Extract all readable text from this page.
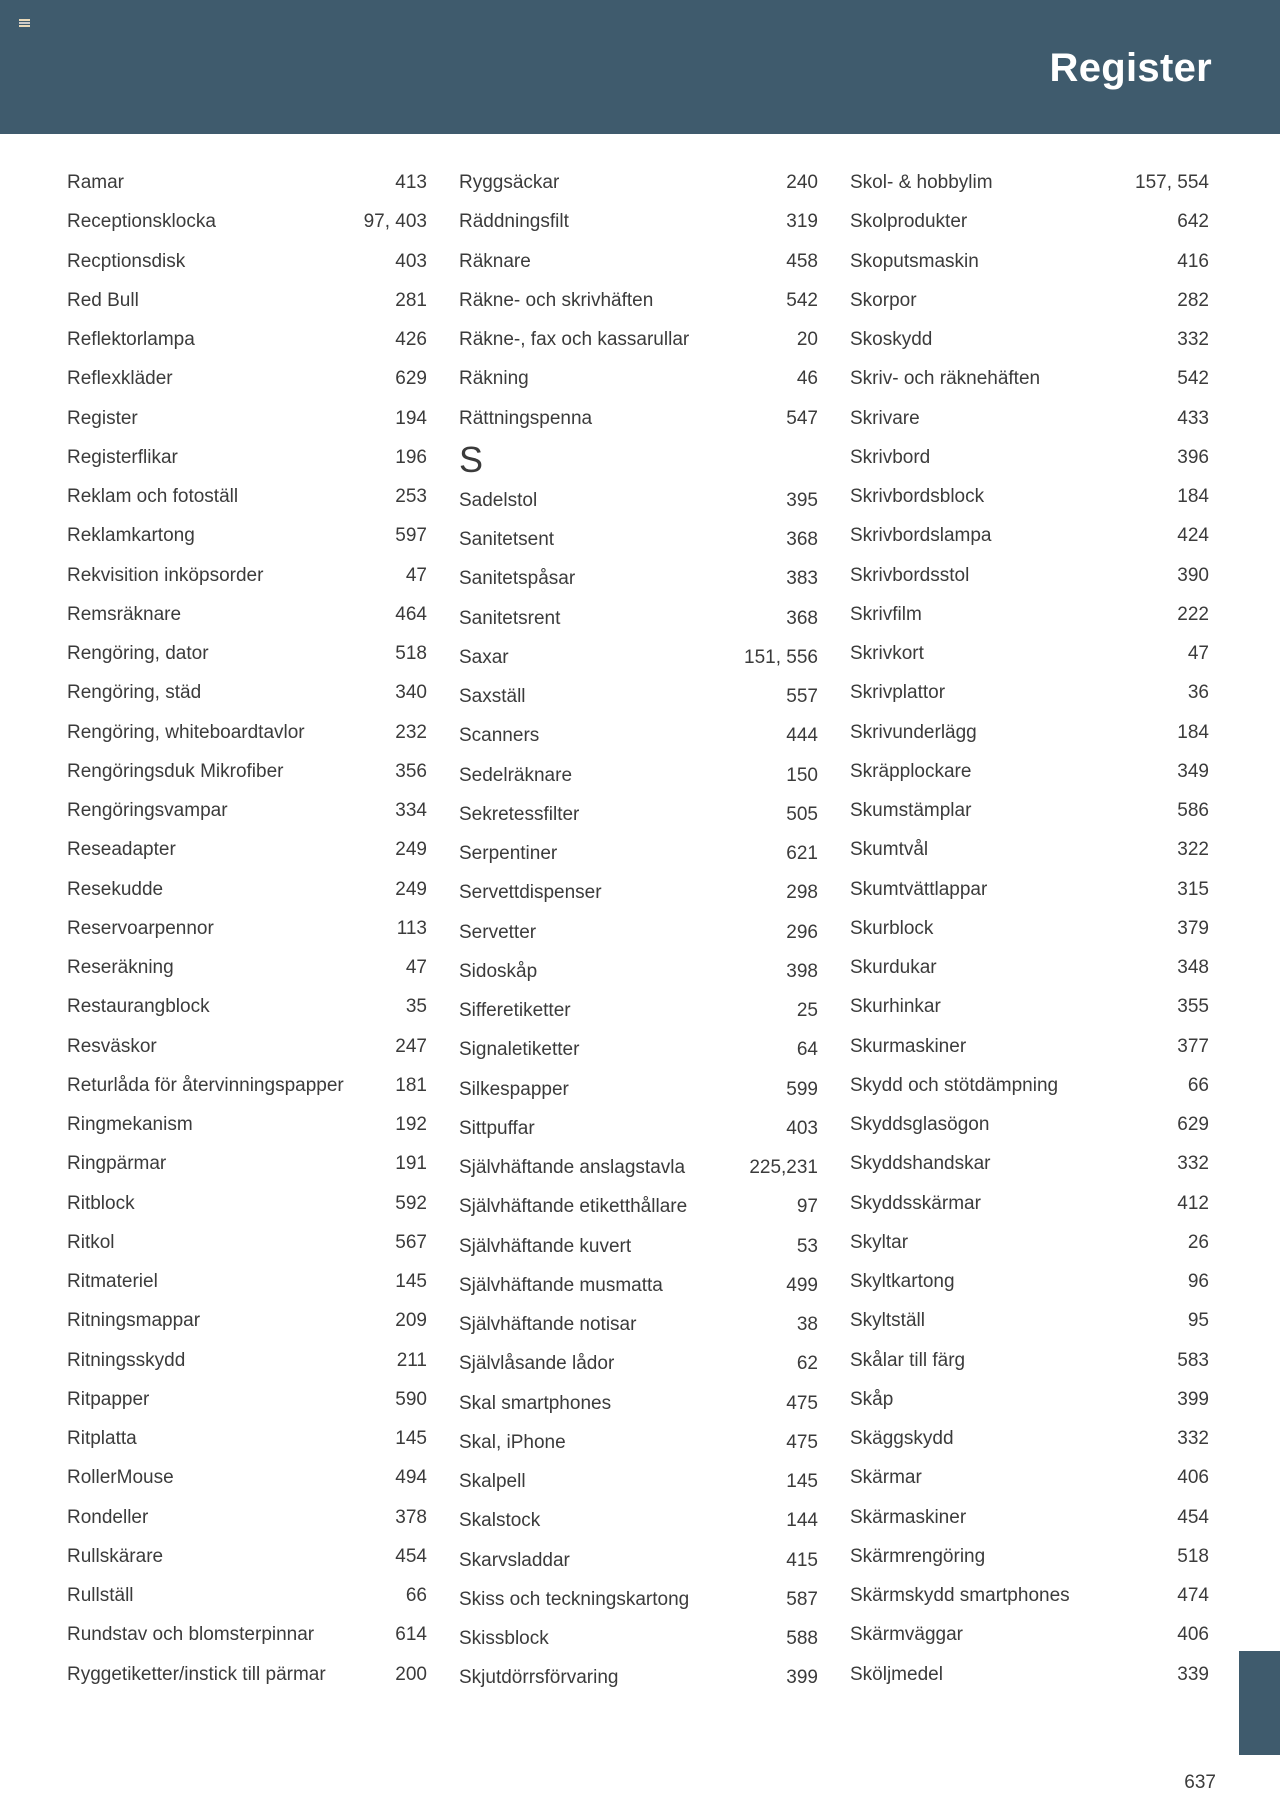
Register
Ramar	413
Receptionsklocka	97, 403
Recptionsdisk	403
Red Bull	281
Reflektorlampa	426
Reflexkläder	629
Register	194
Registerflikar	196
Reklam och fotoställ	253
Reklamkartong	597
Rekvisition inköpsorder	47
Remsräknare	464
Rengöring, dator	518
Rengöring, städ	340
Rengöring, whiteboardtavlor	232
Rengöringsduk Mikrofiber	356
Rengöringsvampar	334
Reseadapter	249
Resekudde	249
Reservoarpennor	113
Reseräkning	47
Restaurangblock	35
Resväskor	247
Returlåda för återvinningspapper	181
Ringmekanism	192
Ringpärmar	191
Ritblock	592
Ritkol	567
Ritmateriel	145
Ritningsmappar	209
Ritningsskydd	211
Ritpapper	590
Ritplatta	145
RollerMouse	494
Rondeller	378
Rullskärare	454
Rullställ	66
Rundstav och blomsterpinnar	614
Ryggetiketter/instick till pärmar	200
Ryggsäckar	240
Räddningsfilt	319
Räknare	458
Räkne- och skrivhäften	542
Räkne-, fax och kassarullar	20
Räkning	46
Rättningspenna	547
S
Sadelstol	395
Sanitetsent	368
Sanitetspåsar	383
Sanitetsrent	368
Saxar	151, 556
Saxställ	557
Scanners	444
Sedelräknare	150
Sekretessfilter	505
Serpentiner	621
Servettdispenser	298
Servetter	296
Sidoskåp	398
Sifferetiketter	25
Signaletiketter	64
Silkespapper	599
Sittpuffar	403
Självhäftande anslagstavla	225,231
Självhäftande etiketthållare	97
Självhäftande kuvert	53
Självhäftande musmatta	499
Självhäftande notisar	38
Självlåsande lådor	62
Skal smartphones	475
Skal, iPhone	475
Skalpell	145
Skalstock	144
Skarvsladdar	415
Skiss och teckningskartong	587
Skissblock	588
Skjutdörrsförvaring	399
Skol- & hobbylim	157, 554
Skolprodukter	642
Skoputsmaskin	416
Skorpor	282
Skoskydd	332
Skriv- och räknehäften	542
Skrivare	433
Skrivbord	396
Skrivbordsblock	184
Skrivbordslampa	424
Skrivbordsstol	390
Skrivfilm	222
Skrivkort	47
Skrivplattor	36
Skrivunderlägg	184
Skräpplockare	349
Skumstämplar	586
Skumtvål	322
Skumtvättlappar	315
Skurblock	379
Skurdukar	348
Skurhinkar	355
Skurmaskiner	377
Skydd och stötdämpning	66
Skyddsglasögon	629
Skyddshandskar	332
Skyddsskärmar	412
Skyltar	26
Skyltkartong	96
Skyltställ	95
Skålar till färg	583
Skåp	399
Skäggskydd	332
Skärmar	406
Skärmaskiner	454
Skärmrengöring	518
Skärmskydd smartphones	474
Skärmväggar	406
Sköljmedel	339
637
